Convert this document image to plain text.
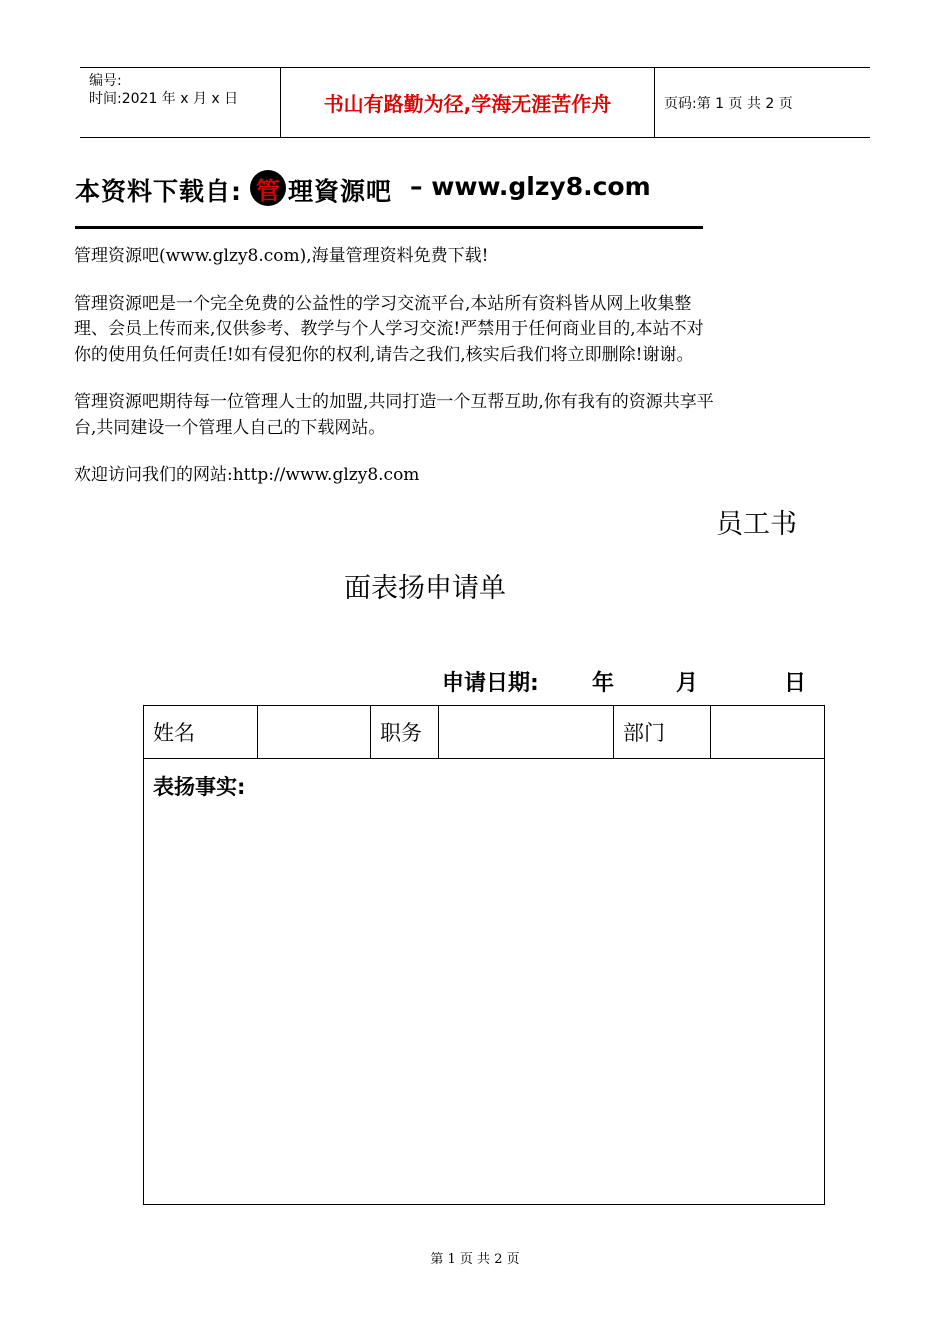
编号:
时间:2021 年 x 月 x 日	书山有路勤为径,学海无涯苦作舟	页码:第 1 页 共 2 页
本资料下载自: 管 理資源吧 – www.glzy8.com

管理资源吧(www.glzy8.com),海量管理资料免费下载!

管理资源吧是一个完全免费的公益性的学习交流平台,本站所有资料皆从网上收集整理、会员上传而来,仅供参考、教学与个人学习交流!严禁用于任何商业目的,本站不对你的使用负任何责任!如有侵犯你的权利,请告之我们,核实后我们将立即删除!谢谢。

管理资源吧期待每一位管理人士的加盟,共同打造一个互帮互助,你有我有的资源共享平台,共同建设一个管理人自己的下载网站。

欢迎访问我们的网站:http://www.glzy8.com

员工书
面表扬申请单
申请日期: 年	月	日
姓名	职务	部门
表扬事实:
第 1 页 共 2 页
